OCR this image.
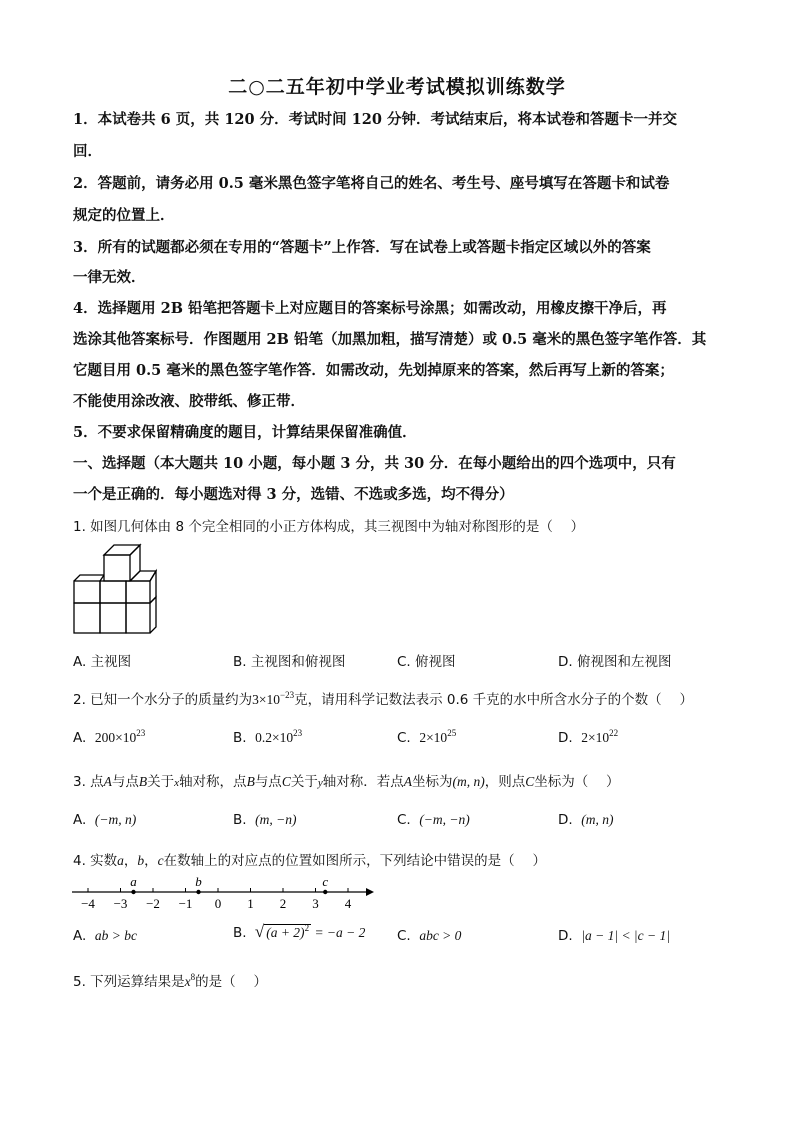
二○二五年初中学业考试模拟训练数学
1．本试卷共 6 页，共 120 分．考试时间 120 分钟．考试结束后，将本试卷和答题卡一并交
回．
2．答题前，请务必用 0.5 毫米黑色签字笔将自己的姓名、考生号、座号填写在答题卡和试卷
规定的位置上．
3．所有的试题都必须在专用的“答题卡”上作答．写在试卷上或答题卡指定区域以外的答案
一律无效．
4．选择题用 2B 铅笔把答题卡上对应题目的答案标号涂黑；如需改动，用橡皮擦干净后，再
选涂其他答案标号．作图题用 2B 铅笔（加黑加粗，描写清楚）或 0.5 毫米的黑色签字笔作答．其
它题目用 0.5 毫米的黑色签字笔作答．如需改动，先划掉原来的答案，然后再写上新的答案；
不能使用涂改液、胶带纸、修正带．
5．不要求保留精确度的题目，计算结果保留准确值．
一、选择题（本大题共 10 小题，每小题 3 分，共 30 分．在每小题给出的四个选项中，只有
一个是正确的．每小题选对得 3 分，选错、不选或多选，均不得分）
1. 如图几何体由 8 个完全相同的小正方体构成，其三视图中为轴对称图形的是（　 ）
A. 主视图	B. 主视图和俯视图	C. 俯视图	D. 俯视图和左视图
2. 已知一个水分子的质量约为$3\times 10^{-23}$克，请用科学记数法表示 0.6 千克的水中所含水分子的个数（　 ）
A. $200\times 10^{23}$	B. $0.2\times 10^{23}$	C. $2\times 10^{25}$	D. $2\times 10^{22}$
3. 点A与点B关于x轴对称，点B与点C关于y轴对称．若点A坐标为(m, n)，则点C坐标为（　 ）
A. (−m, n)	B. (m, −n)	C. (−m, −n)	D. (m, n)
4. 实数a，b，c在数轴上的对应点的位置如图所示，下列结论中错误的是（　 ）
−4 −3 −2 −1 0 1 2 3 4
a	b	c
A. ab > bc	B. √ $(a + 2)^2 = -a - 2$ C. abc > 0	D. |a − 1| < |c − 1|
5. 下列运算结果是$x^8$的是（　 ）
